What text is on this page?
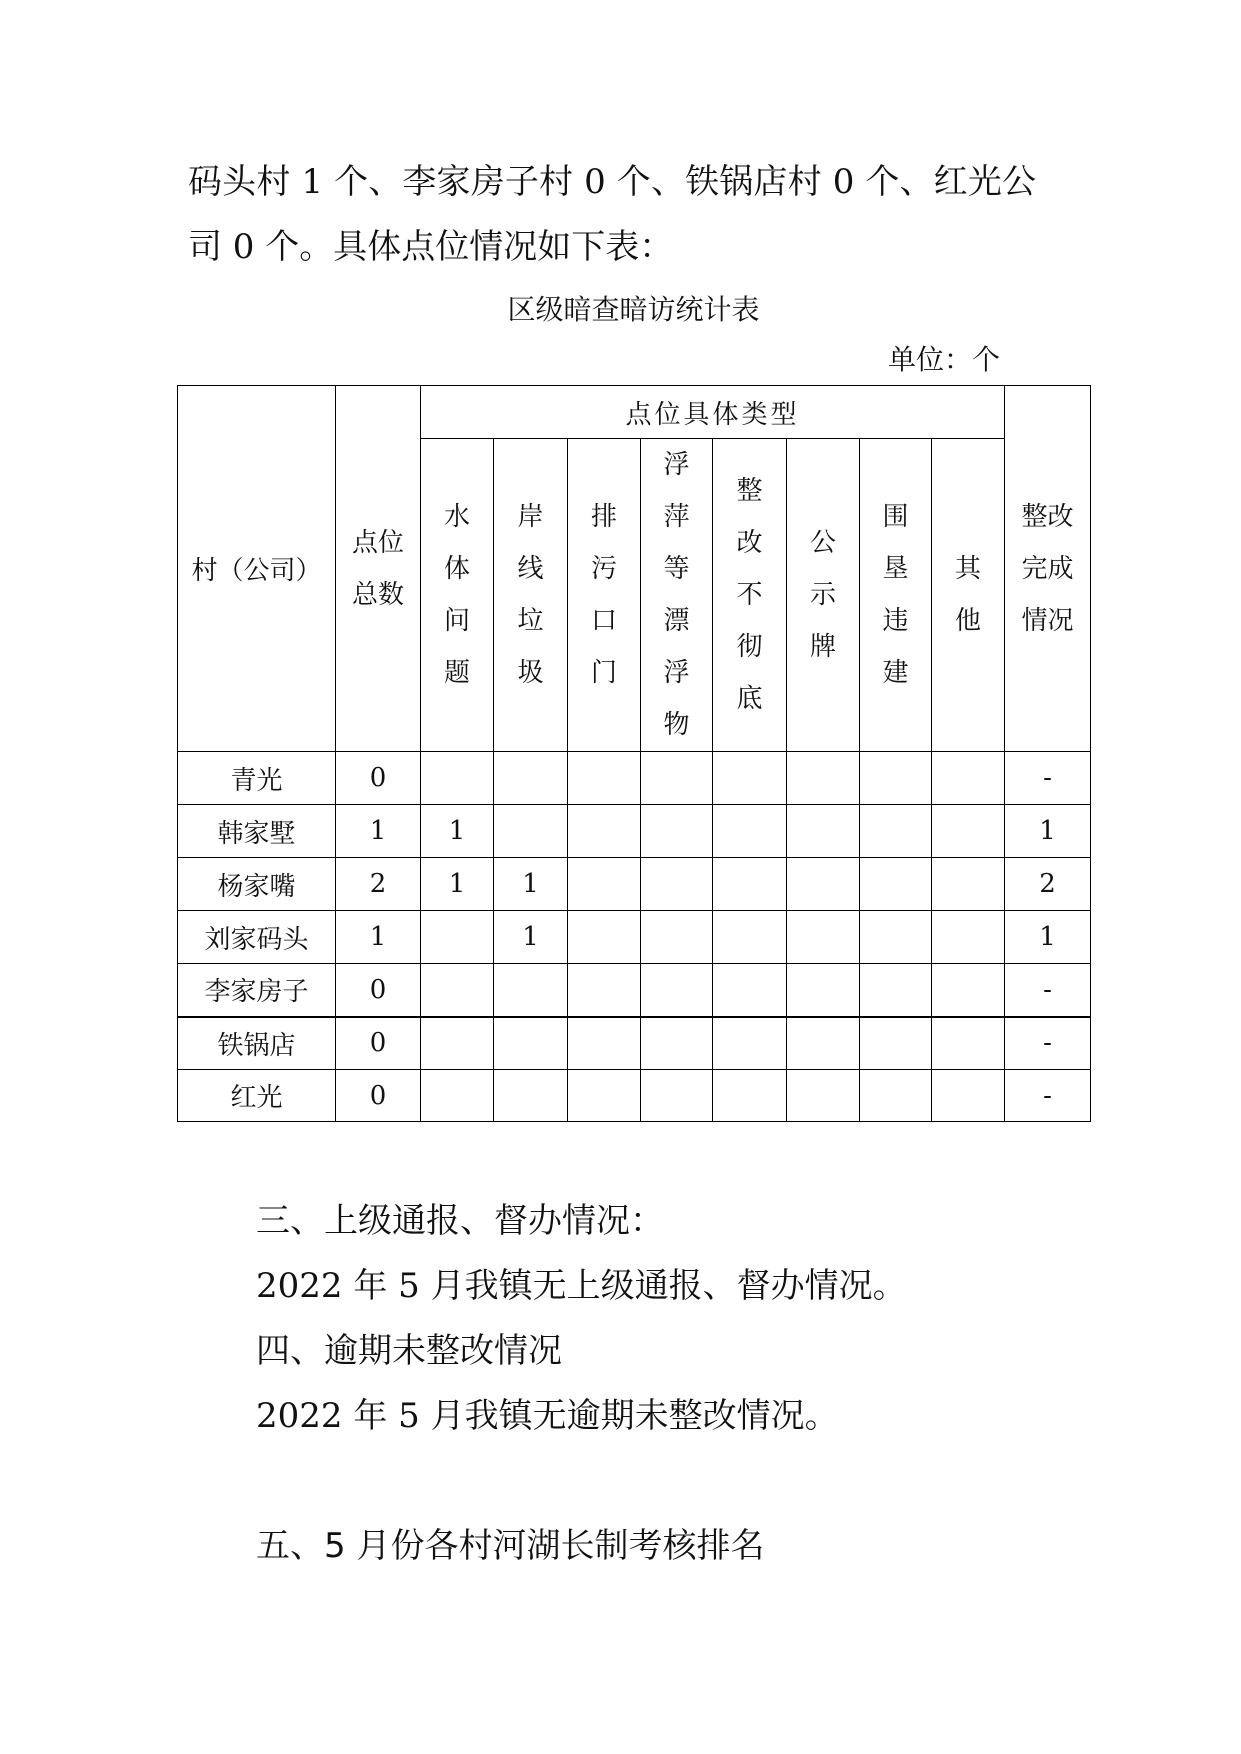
码头村 1 个、李家房子村 0 个、铁锅店村 0 个、红光公
司 0 个。具体点位情况如下表：
区级暗查暗访统计表
单位：个
村（公司）	点位总数	点位具体类型								整改完成情况

		水体问题	岸线垃圾	排污口门	浮萍等漂浮物	整改不彻底	公示牌	围垦违建	其他	

青光	0									-
韩家墅	1	1								1
杨家嘴	2	1	1							2
刘家码头	1		1							1
李家房子	0									-
铁锅店	0									-
红光	0									-
三、上级通报、督办情况：
2022 年 5 月我镇无上级通报、督办情况。
四、逾期未整改情况
2022 年 5 月我镇无逾期未整改情况。
五、5 月份各村河湖长制考核排名
